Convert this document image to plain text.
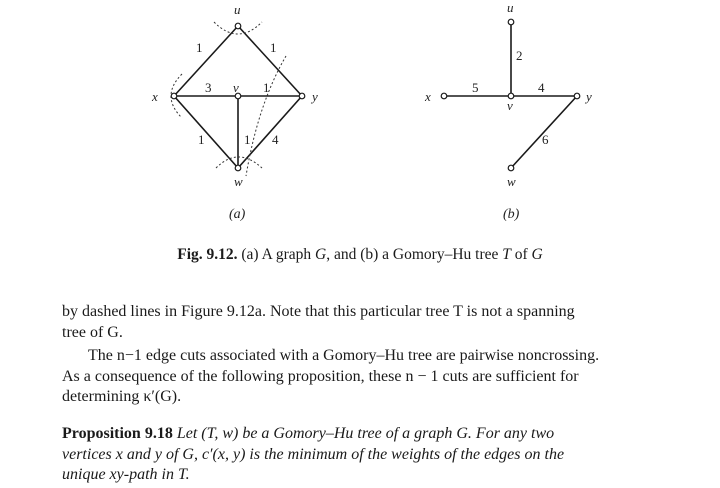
u
x
v
y
w
1	1
3	1
1	1 4
(a)
u
x
v
y
w
2
5	4
6
(b)
Fig. 9.12. (a) A graph G, and (b) a Gomory–Hu tree T of G
by dashed lines in Figure 9.12a. Note that this particular tree T is not a spanning
tree of G.
The n−1 edge cuts associated with a Gomory–Hu tree are pairwise noncrossing.
As a consequence of the following proposition, these n − 1 cuts are sufficient for
determining κ′(G).
Proposition 9.18 Let (T, w) be a Gomory–Hu tree of a graph G. For any two
vertices x and y of G, c′(x, y) is the minimum of the weights of the edges on the
unique xy-path in T.
